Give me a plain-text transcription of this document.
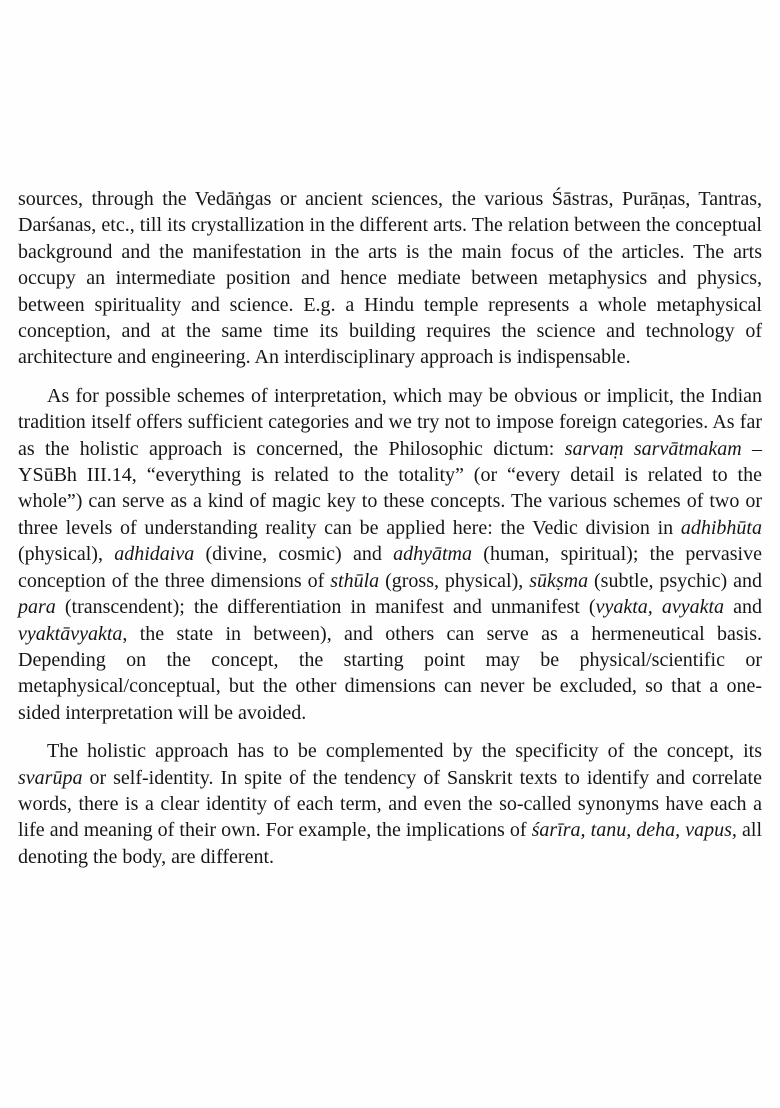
sources, through the Vedāṅgas or ancient sciences, the various Śāstras, Purāṇas, Tantras, Darśanas, etc., till its crystallization in the different arts. The relation between the conceptual background and the manifestation in the arts is the main focus of the articles. The arts occupy an intermediate position and hence mediate between metaphysics and physics, between spirituality and science. E.g. a Hindu temple represents a whole metaphysical conception, and at the same time its building requires the science and technology of architecture and engineering. An interdisciplinary approach is indispensable.

As for possible schemes of interpretation, which may be obvious or implicit, the Indian tradition itself offers sufficient categories and we try not to impose foreign categories. As far as the holistic approach is concerned, the Philosophic dictum: sarvaṃ sarvātmakam – YSūBh III.14, “everything is related to the totality” (or “every detail is related to the whole”) can serve as a kind of magic key to these concepts. The various schemes of two or three levels of understanding reality can be applied here: the Vedic division in adhibhūta (physical), adhidaiva (divine, cosmic) and adhyātma (human, spiritual); the pervasive conception of the three dimensions of sthūla (gross, physical), sūkṣma (subtle, psychic) and para (transcendent); the differentiation in manifest and unmanifest (vyakta, avyakta and vyaktāvyakta, the state in between), and others can serve as a hermeneutical basis. Depending on the concept, the starting point may be physical/scientific or metaphysical/conceptual, but the other dimensions can never be excluded, so that a one-sided interpretation will be avoided.

The holistic approach has to be complemented by the specificity of the concept, its svarūpa or self-identity. In spite of the tendency of Sanskrit texts to identify and correlate words, there is a clear identity of each term, and even the so-called synonyms have each a life and meaning of their own. For example, the implications of śarīra, tanu, deha, vapus, all denoting the body, are different.
